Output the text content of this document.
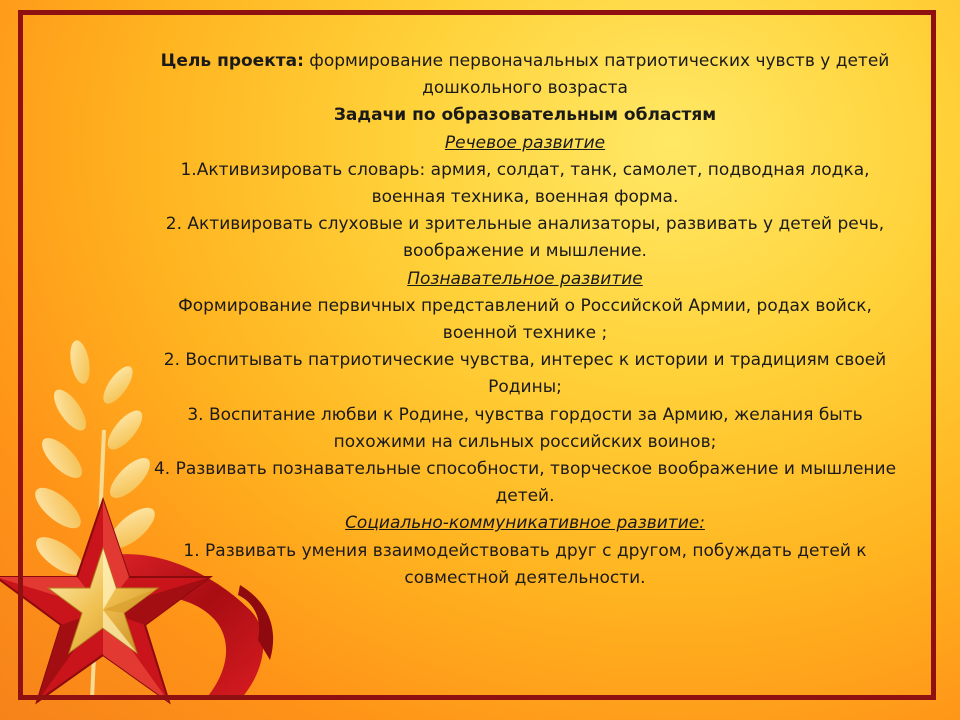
Цель проекта: формирование первоначальных патриотических чувств у детей дошкольного возраста

Задачи по образовательным областям

Речевое развитие

1.Активизировать словарь: армия, солдат, танк, самолет, подводная лодка, военная техника, военная форма.

2. Активировать слуховые и зрительные анализаторы, развивать у детей речь, воображение и мышление.

Познавательное развитие

Формирование первичных представлений о Российской Армии, родах войск, военной технике ;

2. Воспитывать патриотические чувства, интерес к истории и традициям своей Родины;

3. Воспитание любви к Родине, чувства гордости за Армию, желания быть похожими на сильных российских воинов;

4. Развивать познавательные способности, творческое воображение и мышление детей.

Социально-коммуникативное развитие:

1. Развивать умения взаимодействовать друг с другом, побуждать детей к совместной деятельности.
